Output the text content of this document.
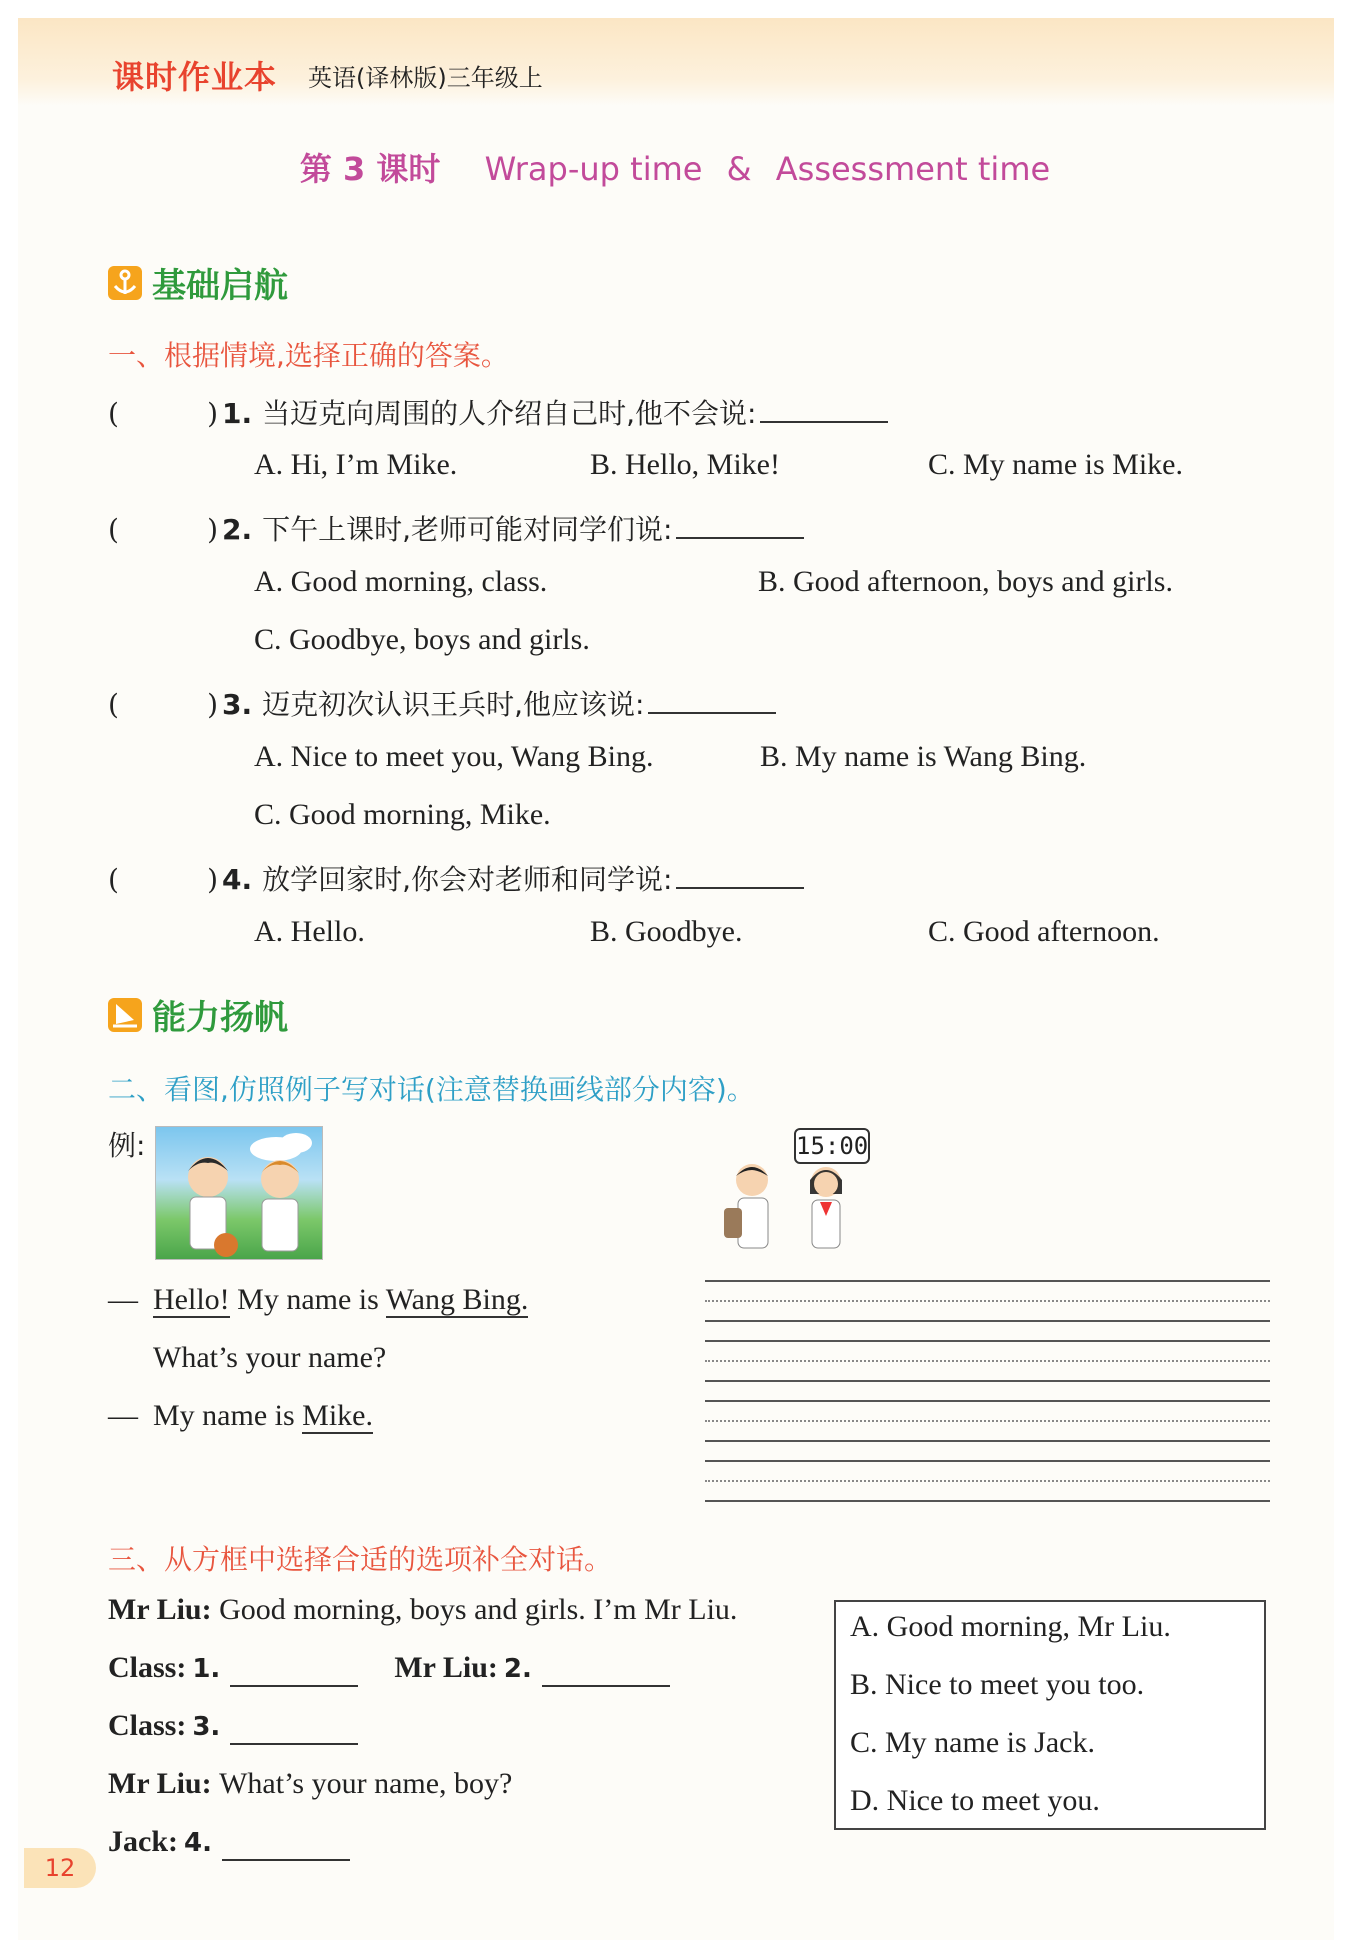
课时作业本 英语(译林版)三年级上
第 3 课时 Wrap-up time & Assessment time
基础启航
一、根据情境,选择正确的答案。
(	) 1. 当迈克向周围的人介绍自己时,他不会说:
A. Hi, I’m Mike.	B. Hello, Mike!	C. My name is Mike.
(	) 2. 下午上课时,老师可能对同学们说:
A. Good morning, class.	B. Good afternoon, boys and girls.
C. Goodbye, boys and girls.
(	) 3. 迈克初次认识王兵时,他应该说:
A. Nice to meet you, Wang Bing.	B. My name is Wang Bing.
C. Good morning, Mike.
(	) 4. 放学回家时,你会对老师和同学说:
A. Hello.	B. Goodbye.	C. Good afternoon.
能力扬帆
二、看图,仿照例子写对话(注意替换画线部分内容)。
例:	15:00
— Hello! My name is Wang Bing.
What’s your name?
— My name is Mike.
三、从方框中选择合适的选项补全对话。
Mr Liu:
Good morning, boys and girls. I’m Mr Liu.
Class: 1.
	Mr Liu: 2.

Class: 3.

Mr Liu:
What’s your name, boy?
Jack: 4.

A. Good morning, Mr Liu.
B. Nice to meet you too.
C. My name is Jack.
D. Nice to meet you.
12
